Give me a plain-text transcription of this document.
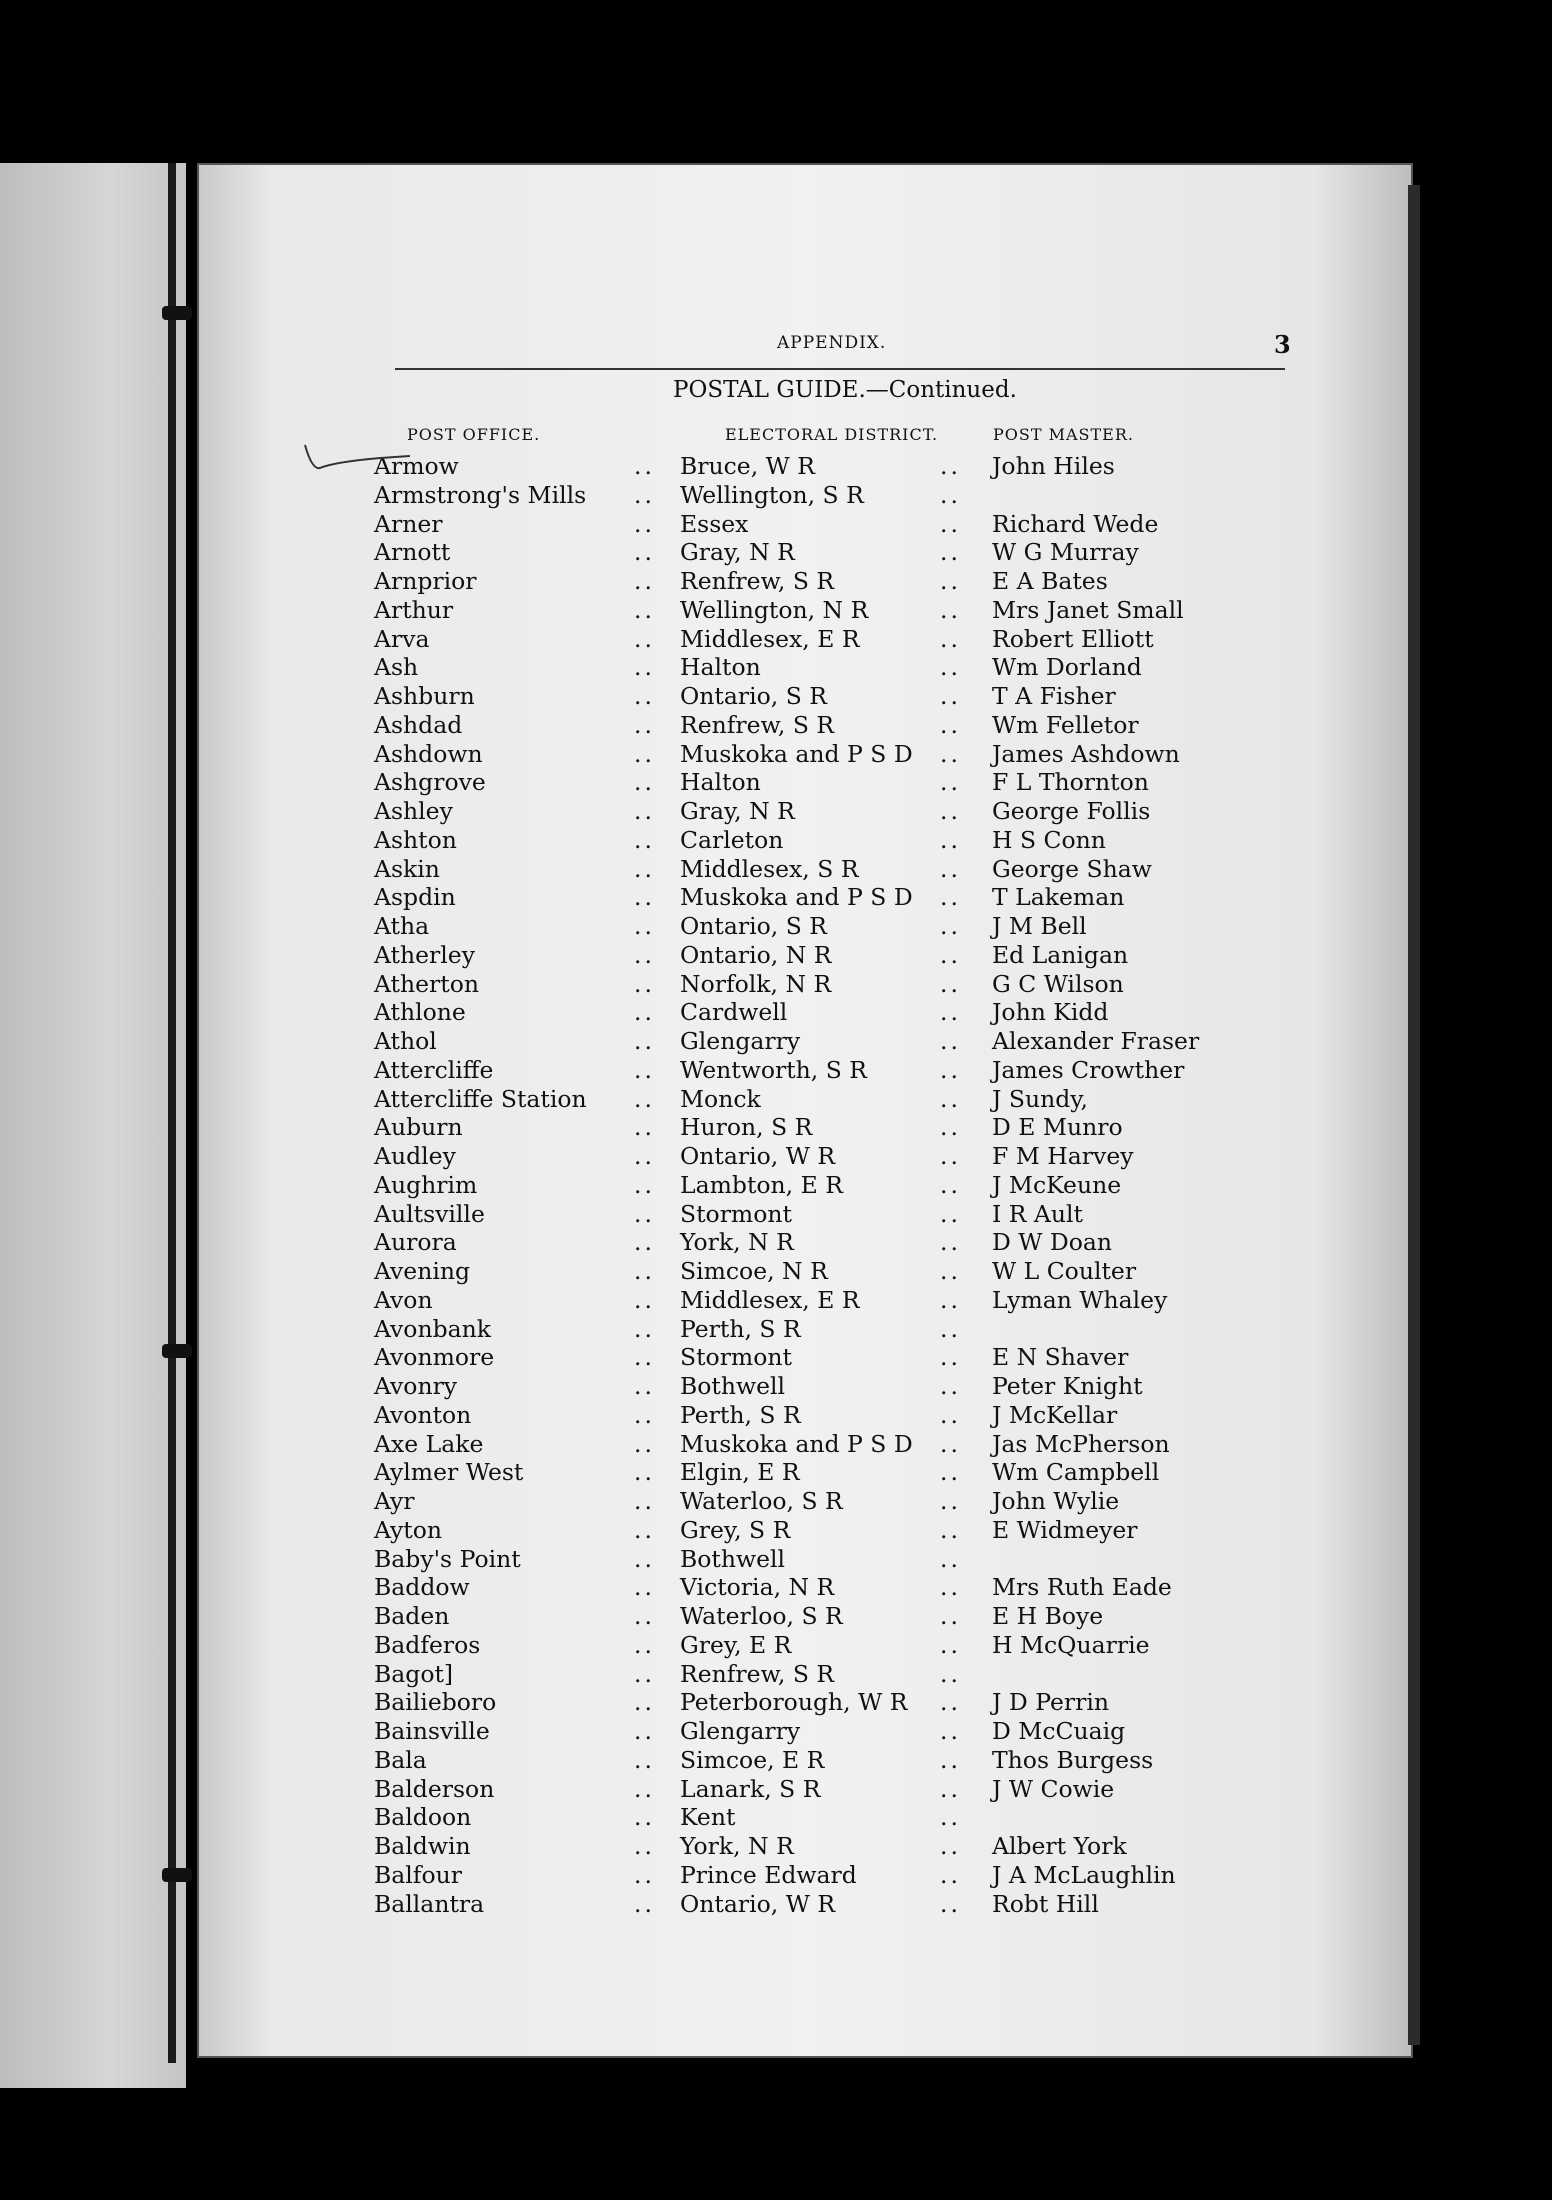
APPENDIX.	3
POSTAL GUIDE.—Continued.
POST OFFICE.	ELECTORAL DISTRICT.	POST MASTER.
Armow	.. Bruce, W R	.. John Hiles
Armstrong's Mills .. Wellington, S R	..
Arner	.. Essex	.. Richard Wede
Arnott	.. Gray, N R	.. W G Murray
Arnprior	.. Renfrew, S R	.. E A Bates
Arthur	.. Wellington, N R	.. Mrs Janet Small
Arva	.. Middlesex, E R	.. Robert Elliott
Ash	.. Halton	.. Wm Dorland
Ashburn	.. Ontario, S R	.. T A Fisher
Ashdad	.. Renfrew, S R	.. Wm Felletor
Ashdown	.. Muskoka and P S D .. James Ashdown
Ashgrove	.. Halton	.. F L Thornton
Ashley	.. Gray, N R	.. George Follis
Ashton	.. Carleton	.. H S Conn
Askin	.. Middlesex, S R	.. George Shaw
Aspdin	.. Muskoka and P S D .. T Lakeman
Atha	.. Ontario, S R	.. J M Bell
Atherley	.. Ontario, N R	.. Ed Lanigan
Atherton	.. Norfolk, N R	.. G C Wilson
Athlone	.. Cardwell	.. John Kidd
Athol	.. Glengarry	.. Alexander Fraser
Attercliffe	.. Wentworth, S R	.. James Crowther
Attercliffe Station .. Monck	.. J Sundy,
Auburn	.. Huron, S R	.. D E Munro
Audley	.. Ontario, W R	.. F M Harvey
Aughrim	.. Lambton, E R	.. J McKeune
Aultsville	.. Stormont	.. I R Ault
Aurora	.. York, N R	.. D W Doan
Avening	.. Simcoe, N R	.. W L Coulter
Avon	.. Middlesex, E R	.. Lyman Whaley
Avonbank	.. Perth, S R	..
Avonmore	.. Stormont	.. E N Shaver
Avonry	.. Bothwell	.. Peter Knight
Avonton	.. Perth, S R	.. J McKellar
Axe Lake	.. Muskoka and P S D .. Jas McPherson
Aylmer West	.. Elgin, E R	.. Wm Campbell
Ayr	.. Waterloo, S R	.. John Wylie
Ayton	.. Grey, S R	.. E Widmeyer
Baby's Point	.. Bothwell	..
Baddow	.. Victoria, N R	.. Mrs Ruth Eade
Baden	.. Waterloo, S R	.. E H Boye
Badferos	.. Grey, E R	.. H McQuarrie
Bagot]	.. Renfrew, S R	..
Bailieboro	.. Peterborough, W R .. J D Perrin
Bainsville	.. Glengarry	.. D McCuaig
Bala	.. Simcoe, E R	.. Thos Burgess
Balderson	.. Lanark, S R	.. J W Cowie
Baldoon	.. Kent	..
Baldwin	.. York, N R	.. Albert York
Balfour	.. Prince Edward	.. J A McLaughlin
Ballantra	.. Ontario, W R	.. Robt Hill
